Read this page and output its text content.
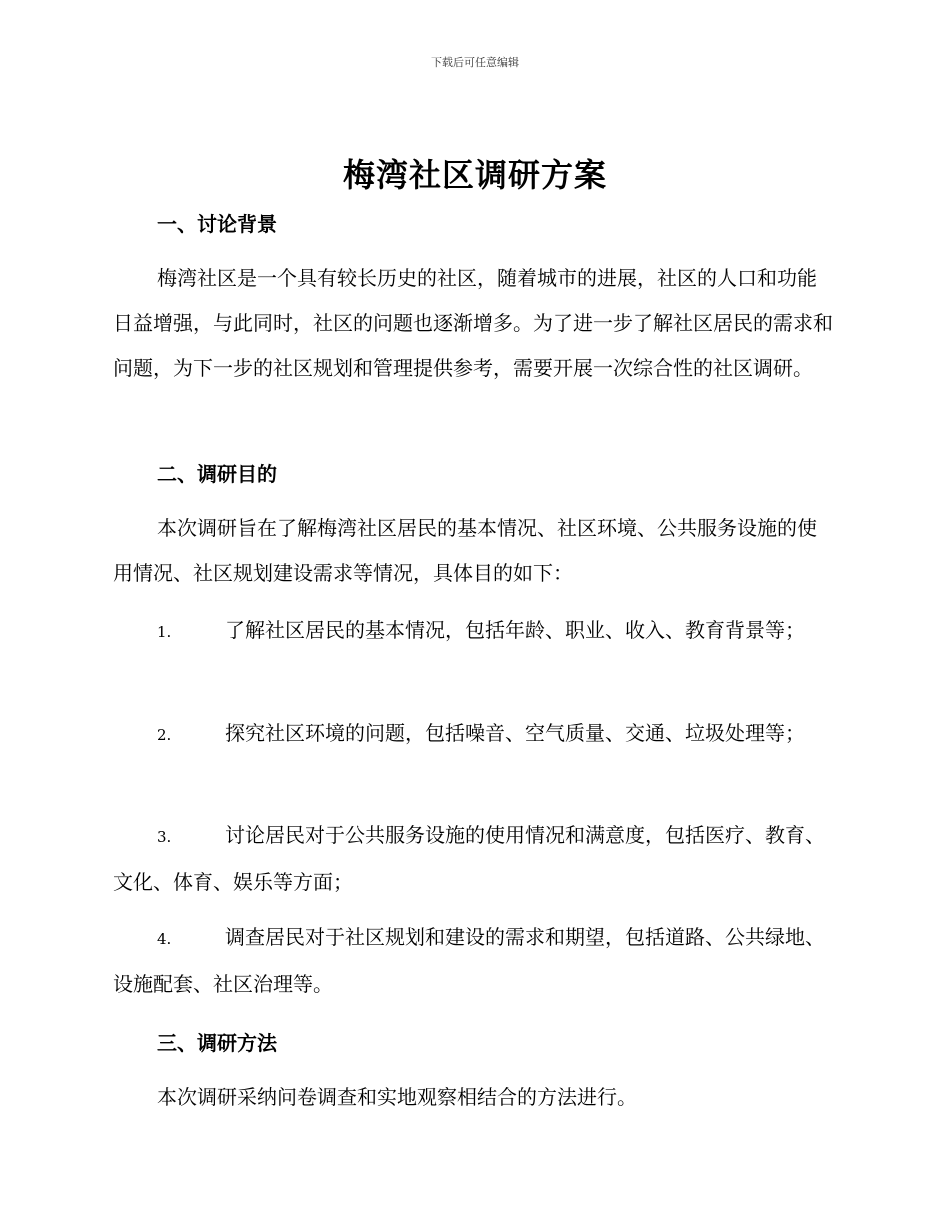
下载后可任意编辑
梅湾社区调研方案
一、讨论背景
梅湾社区是一个具有较长历史的社区，随着城市的进展，社区的人口和功能日益增强，与此同时，社区的问题也逐渐增多。为了进一步了解社区居民的需求和问题，为下一步的社区规划和管理提供参考，需要开展一次综合性的社区调研。
二、调研目的
本次调研旨在了解梅湾社区居民的基本情况、社区环境、公共服务设施的使用情况、社区规划建设需求等情况，具体目的如下：
1.	了解社区居民的基本情况，包括年龄、职业、收入、教育背景等；
2.	探究社区环境的问题，包括噪音、空气质量、交通、垃圾处理等；
3.	讨论居民对于公共服务设施的使用情况和满意度，包括医疗、教育、文化、体育、娱乐等方面；
4.	调查居民对于社区规划和建设的需求和期望，包括道路、公共绿地、设施配套、社区治理等。
三、调研方法
本次调研采纳问卷调查和实地观察相结合的方法进行。
